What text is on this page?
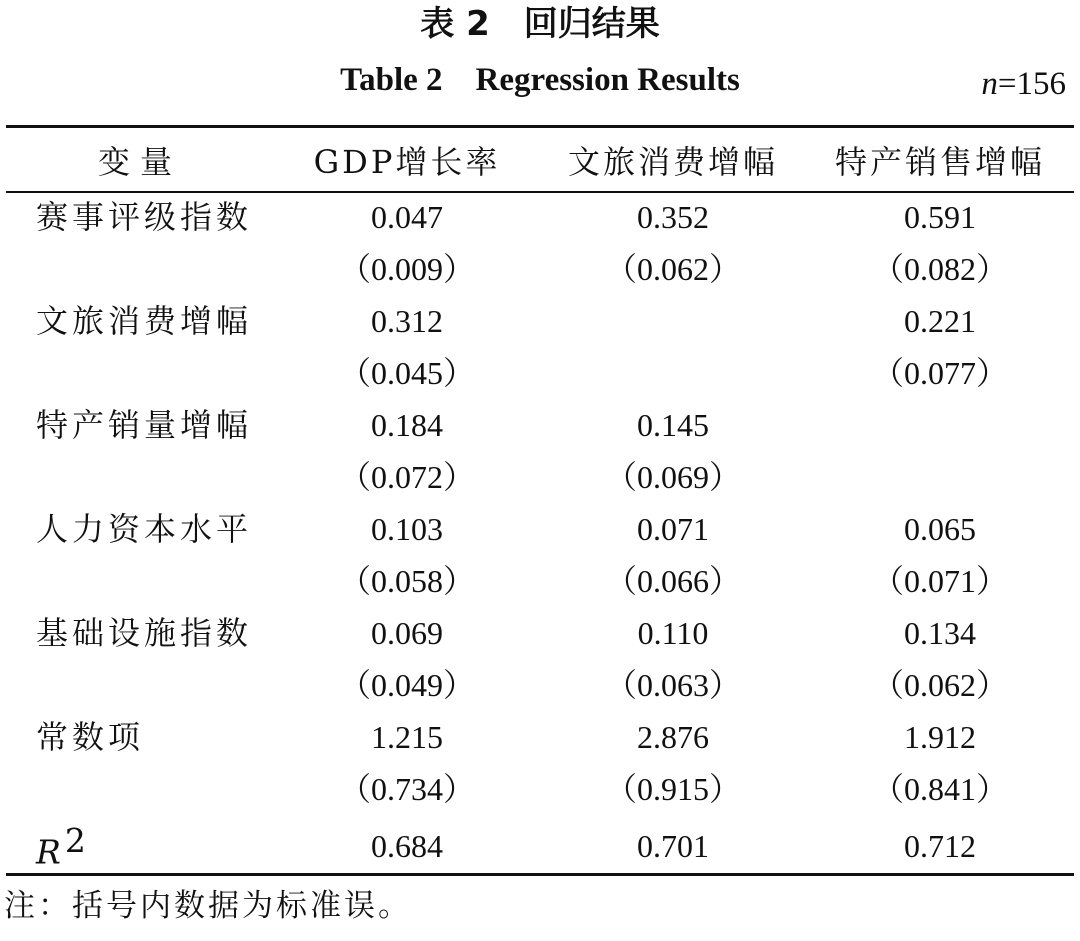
表 2　回归结果
Table 2　Regression Results	n=156
变量	GDP增长率	文旅消费增幅	特产销售增幅
赛事评级指数	0.047	0.352	0.591
	（0.009）	（0.062）	（0.082）
文旅消费增幅	0.312		0.221
	（0.045）		（0.077）
特产销量增幅	0.184	0.145	
	（0.072）	（0.069）	
人力资本水平	0.103	0.071	0.065
	（0.058）	（0.066）	（0.071）
基础设施指数	0.069	0.110	0.134
	（0.049）	（0.063）	（0.062）
常数项	1.215	2.876	1.912
	（0.734）	（0.915）	（0.841）
$R^2$	0.684	0.701	0.712
注：括号内数据为标准误。
